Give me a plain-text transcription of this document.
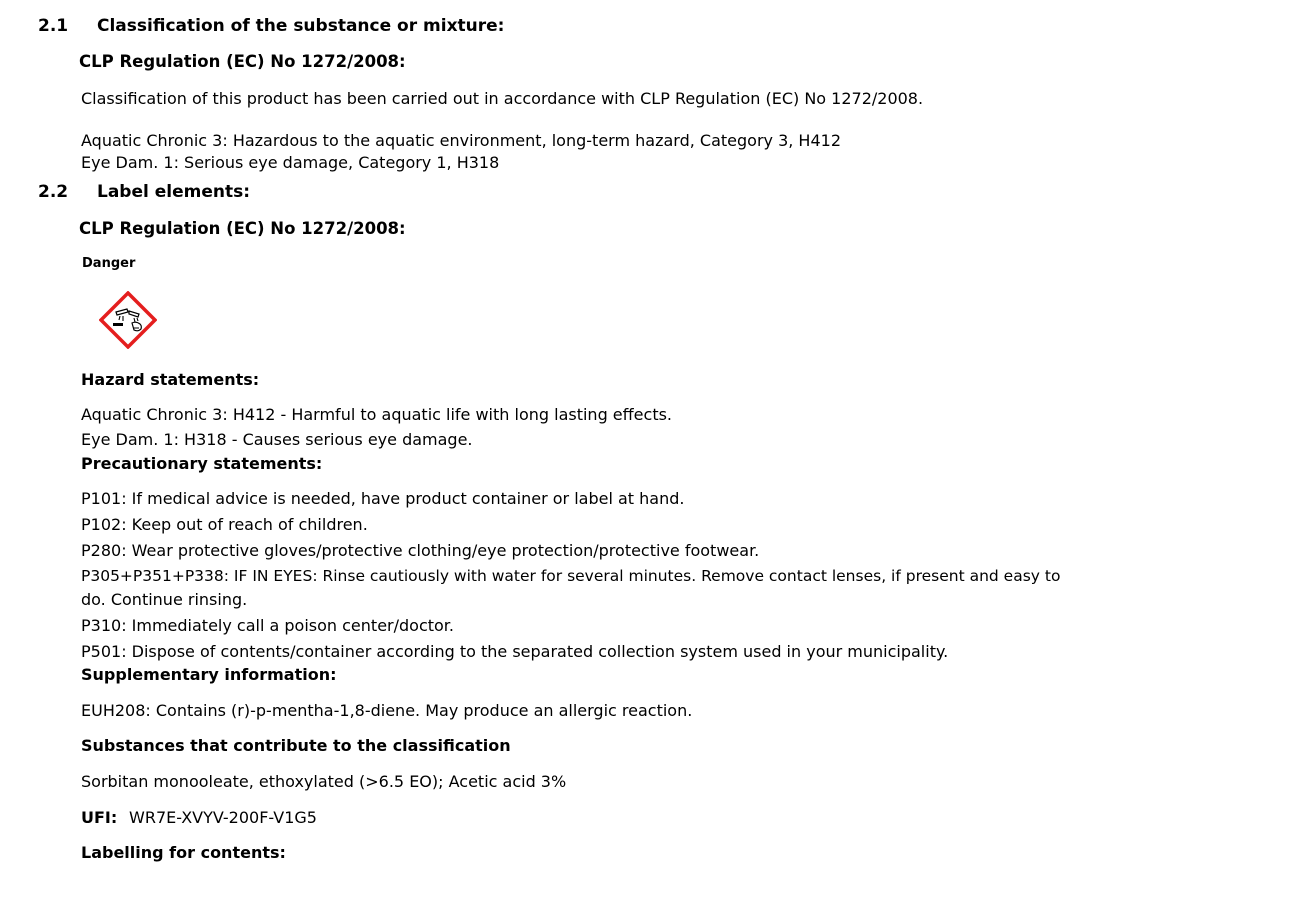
2.1 Classification of the substance or mixture:
CLP Regulation (EC) No 1272/2008:
Classification of this product has been carried out in accordance with CLP Regulation (EC) No 1272/2008.
Aquatic Chronic 3: Hazardous to the aquatic environment, long-term hazard, Category 3, H412
Eye Dam. 1: Serious eye damage, Category 1, H318
2.2 Label elements:
CLP Regulation (EC) No 1272/2008:
Danger
Hazard statements:
Aquatic Chronic 3: H412 - Harmful to aquatic life with long lasting effects.
Eye Dam. 1: H318 - Causes serious eye damage.
Precautionary statements:
P101: If medical advice is needed, have product container or label at hand.
P102: Keep out of reach of children.
P280: Wear protective gloves/protective clothing/eye protection/protective footwear.
P305+P351+P338: IF IN EYES: Rinse cautiously with water for several minutes. Remove contact lenses, if present and easy to
do. Continue rinsing.
P310: Immediately call a poison center/doctor.
P501: Dispose of contents/container according to the separated collection system used in your municipality.
Supplementary information:
EUH208: Contains (r)-p-mentha-1,8-diene. May produce an allergic reaction.
Substances that contribute to the classification
Sorbitan monooleate, ethoxylated (>6.5 EO); Acetic acid 3%
UFI: WR7E-XVYV-200F-V1G5
Labelling for contents:
